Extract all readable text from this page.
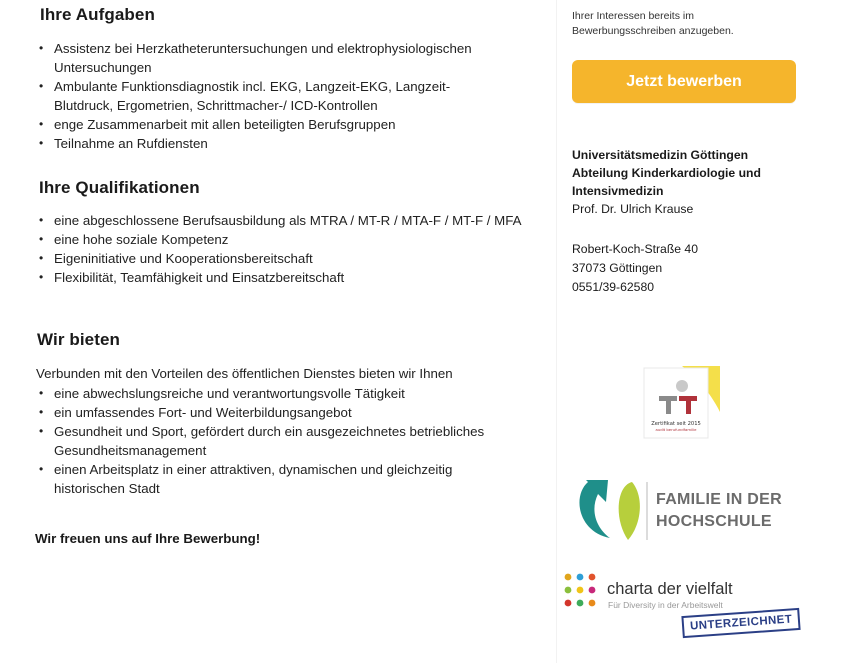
Ihre Aufgaben
• Assistenz bei Herzkatheteruntersuchungen und elektrophysiologischen Untersuchungen
• Ambulante Funktionsdiagnostik incl. EKG, Langzeit-EKG, Langzeit-Blutdruck, Ergometrien, Schrittmacher-/ ICD-Kontrollen
• enge Zusammenarbeit mit allen beteiligten Berufsgruppen
• Teilnahme an Rufdiensten
Ihre Qualifikationen
• eine abgeschlossene Berufsausbildung als MTRA / MT-R / MTA-F / MT-F / MFA
• eine hohe soziale Kompetenz
• Eigeninitiative und Kooperationsbereitschaft
• Flexibilität, Teamfähigkeit und Einsatzbereitschaft
Wir bieten
Verbunden mit den Vorteilen des öffentlichen Dienstes bieten wir Ihnen
• eine abwechslungsreiche und verantwortungsvolle Tätigkeit
• ein umfassendes Fort- und Weiterbildungsangebot
• Gesundheit und Sport, gefördert durch ein ausgezeichnetes betriebliches Gesundheitsmanagement
• einen Arbeitsplatz in einer attraktiven, dynamischen und gleichzeitig historischen Stadt
Wir freuen uns auf Ihre Bewerbung!
Ihrer Interessen bereits im
Bewerbungsschreiben anzugeben.
Jetzt bewerben
Universitätsmedizin Göttingen
Abteilung Kinderkardiologie und
Intensivmedizin
Prof. Dr. Ulrich Krause
Robert-Koch-Straße 40
37073 Göttingen
0551/39-62580
Zertifikat seit 2015
audit berufundfamilie
FAMILIE IN DER
HOCHSCHULE
charta der vielfalt
Für Diversity in der Arbeitswelt
UNTERZEICHNET
